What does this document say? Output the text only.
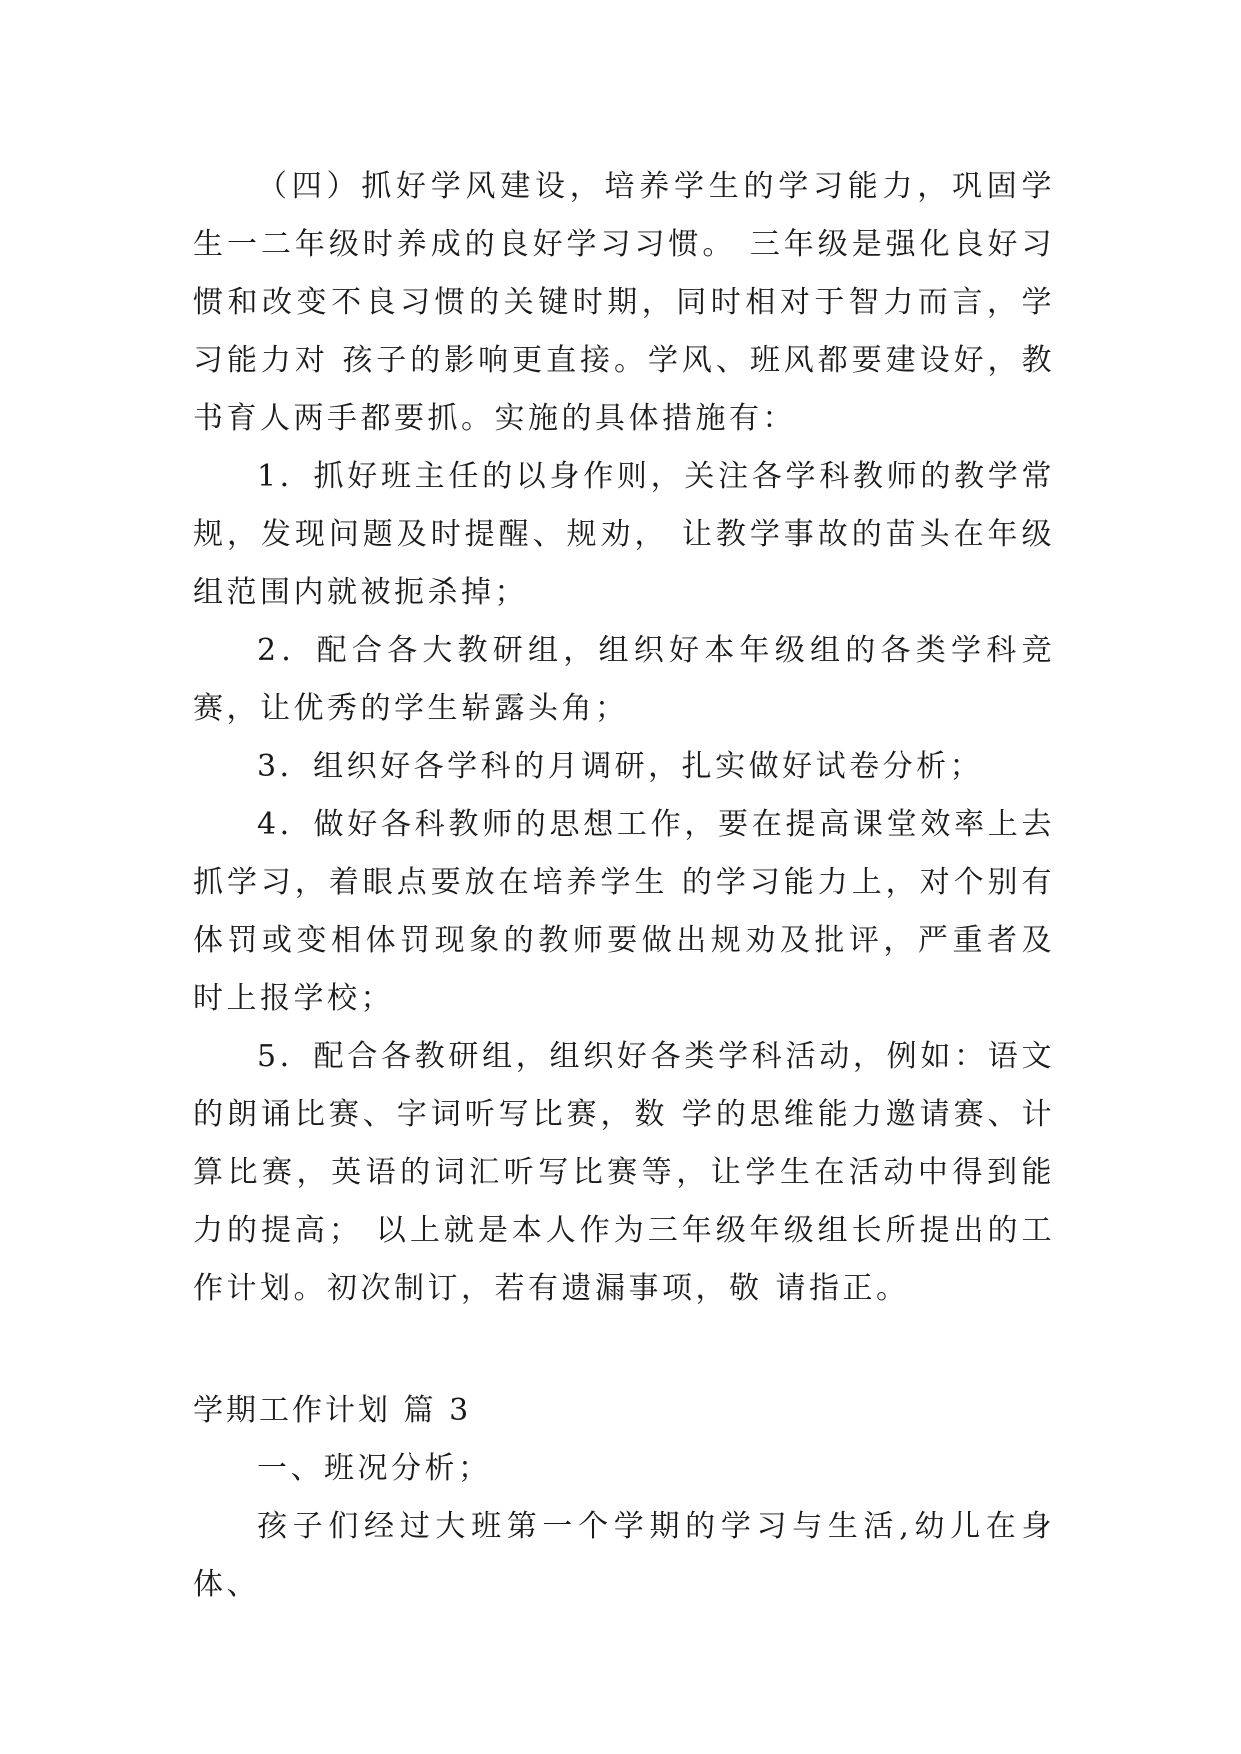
（四）抓好学风建设，培养学生的学习能力，巩固学生一二年级时养成的良好学习习惯。 三年级是强化良好习惯和改变不良习惯的关键时期，同时相对于智力而言，学习能力对 孩子的影响更直接。学风、班风都要建设好，教书育人两手都要抓。实施的具体措施有：

1．抓好班主任的以身作则，关注各学科教师的教学常规，发现问题及时提醒、规劝， 让教学事故的苗头在年级组范围内就被扼杀掉；

2．配合各大教研组，组织好本年级组的各类学科竞赛，让优秀的学生崭露头角；

3．组织好各学科的月调研，扎实做好试卷分析；

4．做好各科教师的思想工作，要在提高课堂效率上去抓学习，着眼点要放在培养学生 的学习能力上，对个别有体罚或变相体罚现象的教师要做出规劝及批评，严重者及时上报学校；

5．配合各教研组，组织好各类学科活动，例如：语文的朗诵比赛、字词听写比赛，数 学的思维能力邀请赛、计算比赛，英语的词汇听写比赛等，让学生在活动中得到能力的提高； 以上就是本人作为三年级年级组长所提出的工作计划。初次制订，若有遗漏事项，敬 请指正。

学期工作计划 篇 3

一、班况分析；

孩子们经过大班第一个学期的学习与生活,幼儿在身体、
